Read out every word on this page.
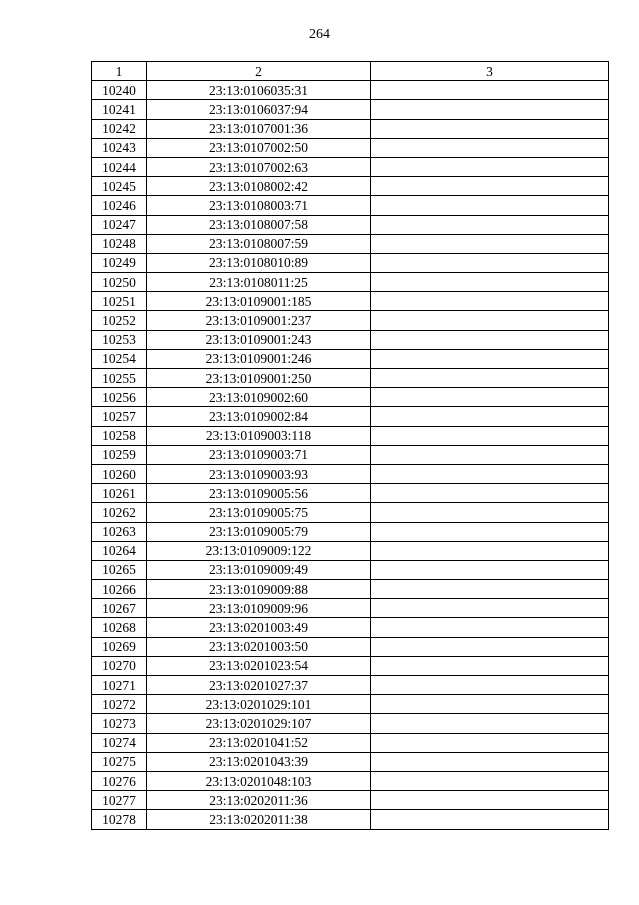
264
1	2	3
10240	23:13:0106035:31	
10241	23:13:0106037:94	
10242	23:13:0107001:36	
10243	23:13:0107002:50	
10244	23:13:0107002:63	
10245	23:13:0108002:42	
10246	23:13:0108003:71	
10247	23:13:0108007:58	
10248	23:13:0108007:59	
10249	23:13:0108010:89	
10250	23:13:0108011:25	
10251	23:13:0109001:185	
10252	23:13:0109001:237	
10253	23:13:0109001:243	
10254	23:13:0109001:246	
10255	23:13:0109001:250	
10256	23:13:0109002:60	
10257	23:13:0109002:84	
10258	23:13:0109003:118	
10259	23:13:0109003:71	
10260	23:13:0109003:93	
10261	23:13:0109005:56	
10262	23:13:0109005:75	
10263	23:13:0109005:79	
10264	23:13:0109009:122	
10265	23:13:0109009:49	
10266	23:13:0109009:88	
10267	23:13:0109009:96	
10268	23:13:0201003:49	
10269	23:13:0201003:50	
10270	23:13:0201023:54	
10271	23:13:0201027:37	
10272	23:13:0201029:101	
10273	23:13:0201029:107	
10274	23:13:0201041:52	
10275	23:13:0201043:39	
10276	23:13:0201048:103	
10277	23:13:0202011:36	
10278	23:13:0202011:38	
